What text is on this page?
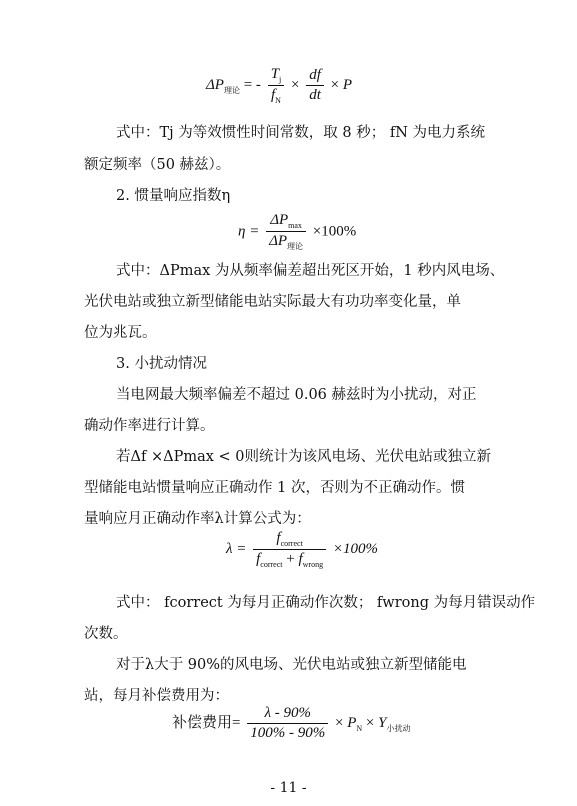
$\Delta P_{理论}$ = - $\frac{T_j}{f_N} \times \frac{df}{dt} \times P$
式中：Tj 为等效惯性时间常数，取 8 秒； fN 为电力系统
额定频率（50 赫兹）。
2. 惯量响应指数η
$\eta = \frac{\Delta P_{max}}{\Delta P_{理论}} \times 100\%$
式中：ΔPmax 为从频率偏差超出死区开始，1 秒内风电场、
光伏电站或独立新型储能电站实际最大有功功率变化量，单
位为兆瓦。
3. 小扰动情况
当电网最大频率偏差不超过 0.06 赫兹时为小扰动，对正
确动作率进行计算。
若Δf ×ΔPmax < 0则统计为该风电场、光伏电站或独立新
型储能电站惯量响应正确动作 1 次，否则为不正确动作。惯
量响应月正确动作率λ计算公式为：
$\lambda = \frac{f_{correct}}{f_{correct} + f_{wrong}} \times 100\%$
式中： fcorrect 为每月正确动作次数； fwrong 为每月错误动作
次数。
对于λ大于 90%的风电场、光伏电站或独立新型储能电
站，每月补偿费用为：
补偿费用= $\frac{\lambda - 90\%}{100\% - 90\%} \times P_N \times Y_{小扰动}$
- 11 -
